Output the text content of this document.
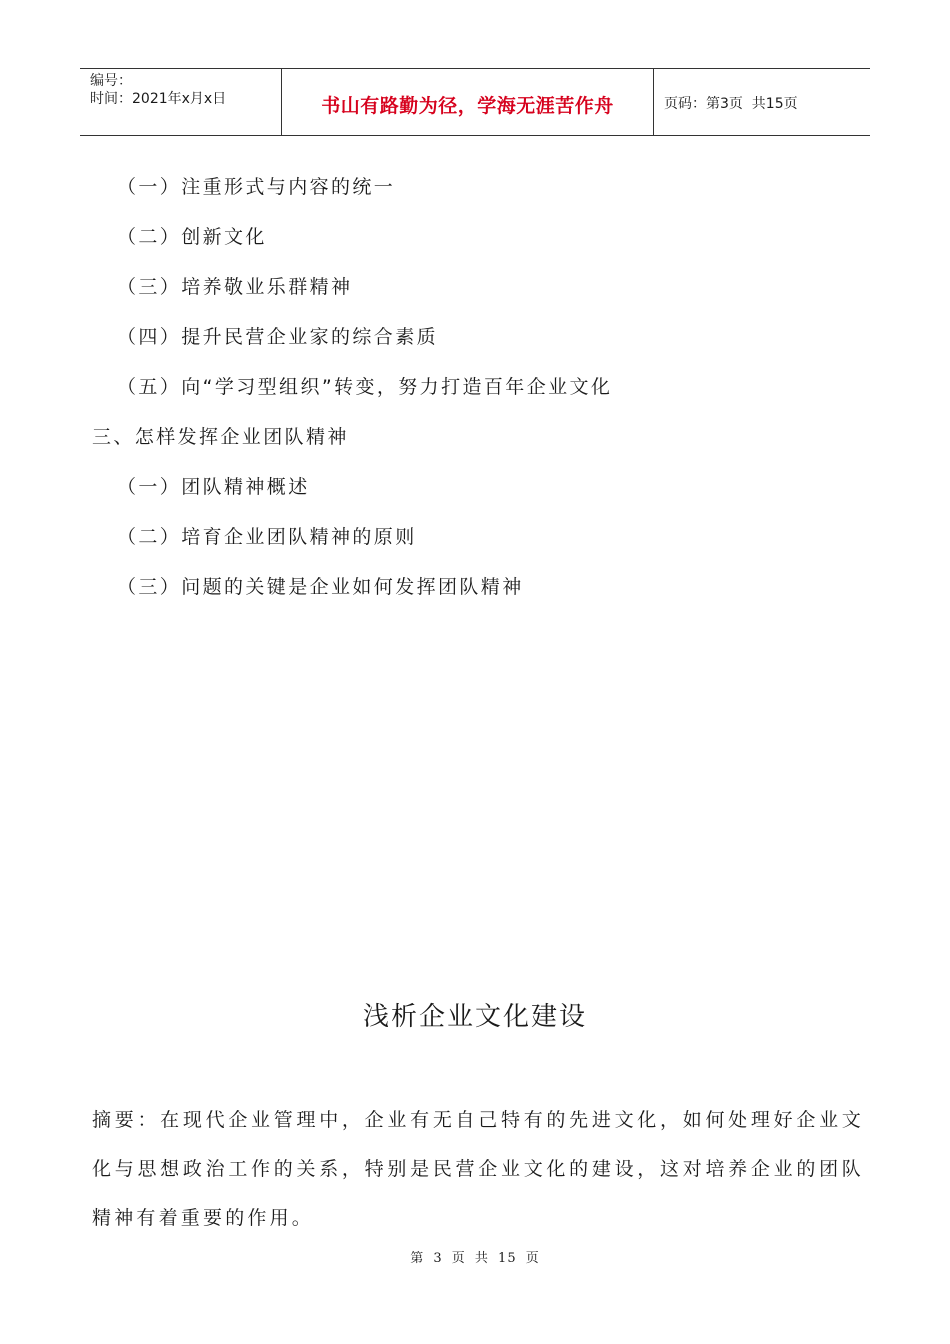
编号：
时间：2021年x月x日	书山有路勤为径，学海无涯苦作舟	页码：第3页  共15页
（一）注重形式与内容的统一
（二）创新文化
（三）培养敬业乐群精神
（四）提升民营企业家的综合素质
（五）向“学习型组织”转变，努力打造百年企业文化
三、怎样发挥企业团队精神
（一）团队精神概述
（二）培育企业团队精神的原则
（三）问题的关键是企业如何发挥团队精神
浅析企业文化建设
摘要：在现代企业管理中，企业有无自己特有的先进文化，如何处理好企业文化与思想政治工作的关系，特别是民营企业文化的建设，这对培养企业的团队精神有着重要的作用。
第 3 页 共 15 页
